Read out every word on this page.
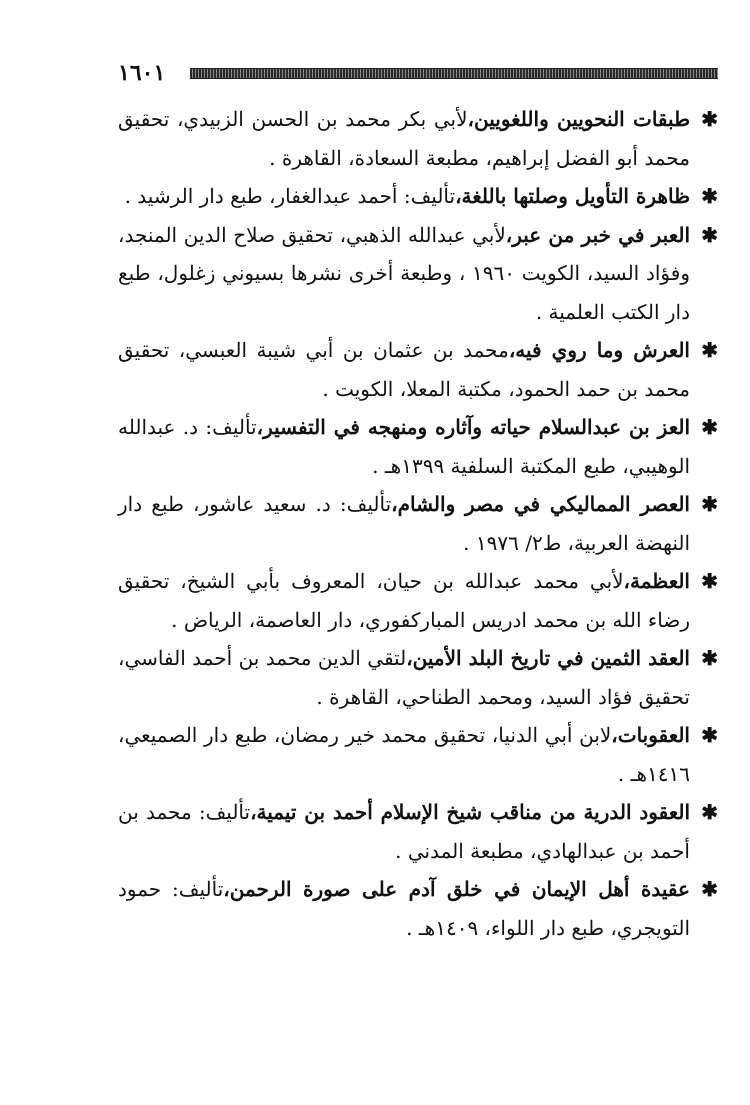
١٦٠١

✱
طبقات النحويين واللغويين،لأبي بكر محمد بن الحسن الزبيدي، تحقيق محمد أبو الفضل إبراهيم، مطبعة السعادة، القاهرة .

✱
ظاهرة التأويل وصلتها باللغة،تأليف: أحمد عبدالغفار، طبع دار الرشيد .

✱
العبر في خبر من عبر،لأبي عبدالله الذهبي، تحقيق صلاح الدين المنجد، وفؤاد السيد، الكويت ١٩٦٠ ، وطبعة أخرى نشرها بسيوني زغلول، طبع دار الكتب العلمية .

✱
العرش وما روي فيه،محمد بن عثمان بن أبي شيبة العبسي، تحقيق محمد بن حمد الحمود، مكتبة المعلا، الكويت .

✱
العز بن عبدالسلام حياته وآثاره ومنهجه في التفسير،تأليف: د. عبدالله الوهيبي، طبع المكتبة السلفية ١٣٩٩هـ .

✱
العصر المماليكي في مصر والشام،تأليف: د. سعيد عاشور، طبع دار النهضة العربية، ط٢/ ١٩٧٦ .

✱
العظمة،لأبي محمد عبدالله بن حيان، المعروف بأبي الشيخ، تحقيق رضاء الله بن محمد ادريس المباركفوري، دار العاصمة، الرياض .

✱
العقد الثمين في تاريخ البلد الأمين،لتقي الدين محمد بن أحمد الفاسي، تحقيق فؤاد السيد، ومحمد الطناحي، القاهرة .

✱
العقوبات،لابن أبي الدنيا، تحقيق محمد خير رمضان، طبع دار الصميعي، ١٤١٦هـ .

✱
العقود الدرية من مناقب شيخ الإسلام أحمد بن تيمية،تأليف: محمد بن أحمد بن عبدالهادي، مطبعة المدني .

✱
عقيدة أهل الإيمان في خلق آدم على صورة الرحمن،تأليف: حمود التويجري، طبع دار اللواء، ١٤٠٩هـ .
